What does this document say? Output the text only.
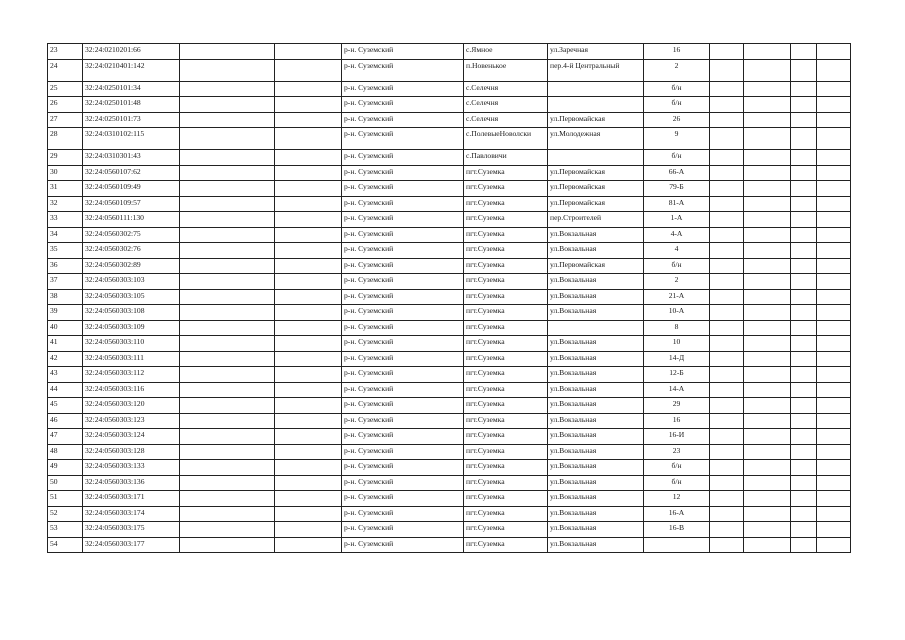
23	32:24:0210201:66			р-н. Суземский	с.Ямное	ул.Заречная	16				
24	32:24:0210401:142			р-н. Суземский	п.Новенькое	пер.4-й Центральный	2				
25	32:24:0250101:34			р-н. Суземский	с.Селечня		б/н				
26	32:24:0250101:48			р-н. Суземский	с.Селечня		б/н				
27	32:24:0250101:73			р-н. Суземский	с.Селечня	ул.Первомайская	26				
28	32:24:0310102:115			р-н. Суземский	с.ПолевыеНоволски	ул.Молодежная	9				
29	32:24:0310301:43			р-н. Суземский	с.Павловичи		б/н				
30	32:24:0560107:62			р-н. Суземский	пгт.Суземка	ул.Первомайская	66-А				
31	32:24:0560109:49			р-н. Суземский	пгт.Суземка	ул.Первомайская	79-Б				
32	32:24:0560109:57			р-н. Суземский	пгт.Суземка	ул.Первомайская	81-А				
33	32:24:0560111:130			р-н. Суземский	пгт.Суземка	пер.Строителей	1-А				
34	32:24:0560302:75			р-н. Суземский	пгт.Суземка	ул.Вокзальная	4-А				
35	32:24:0560302:76			р-н. Суземский	пгт.Суземка	ул.Вокзальная	4				
36	32:24:0560302:89			р-н. Суземский	пгт.Суземка	ул.Первомайская	б/н				
37	32:24:0560303:103			р-н. Суземский	пгт.Суземка	ул.Вокзальная	2				
38	32:24:0560303:105			р-н. Суземский	пгт.Суземка	ул.Вокзальная	21-А				
39	32:24:0560303:108			р-н. Суземский	пгт.Суземка	ул.Вокзальная	10-А				
40	32:24:0560303:109			р-н. Суземский	пгт.Суземка		8				
41	32:24:0560303:110			р-н. Суземский	пгт.Суземка	ул.Вокзальная	10				
42	32:24:0560303:111			р-н. Суземский	пгт.Суземка	ул.Вокзальная	14-Д				
43	32:24:0560303:112			р-н. Суземский	пгт.Суземка	ул.Вокзальная	12-Б				
44	32:24:0560303:116			р-н. Суземский	пгт.Суземка	ул.Вокзальная	14-А				
45	32:24:0560303:120			р-н. Суземский	пгт.Суземка	ул.Вокзальная	29				
46	32:24:0560303:123			р-н. Суземский	пгт.Суземка	ул.Вокзальная	16				
47	32:24:0560303:124			р-н. Суземский	пгт.Суземка	ул.Вокзальная	16-И				
48	32:24:0560303:128			р-н. Суземский	пгт.Суземка	ул.Вокзальная	23				
49	32:24:0560303:133			р-н. Суземский	пгт.Суземка	ул.Вокзальная	б/н				
50	32:24:0560303:136			р-н. Суземский	пгт.Суземка	ул.Вокзальная	б/н				
51	32:24:0560303:171			р-н. Суземский	пгт.Суземка	ул.Вокзальная	12				
52	32:24:0560303:174			р-н. Суземский	пгт.Суземка	ул.Вокзальная	16-А				
53	32:24:0560303:175			р-н. Суземский	пгт.Суземка	ул.Вокзальная	16-В				
54	32:24:0560303:177			р-н. Суземский	пгт.Суземка	ул.Вокзальная					
